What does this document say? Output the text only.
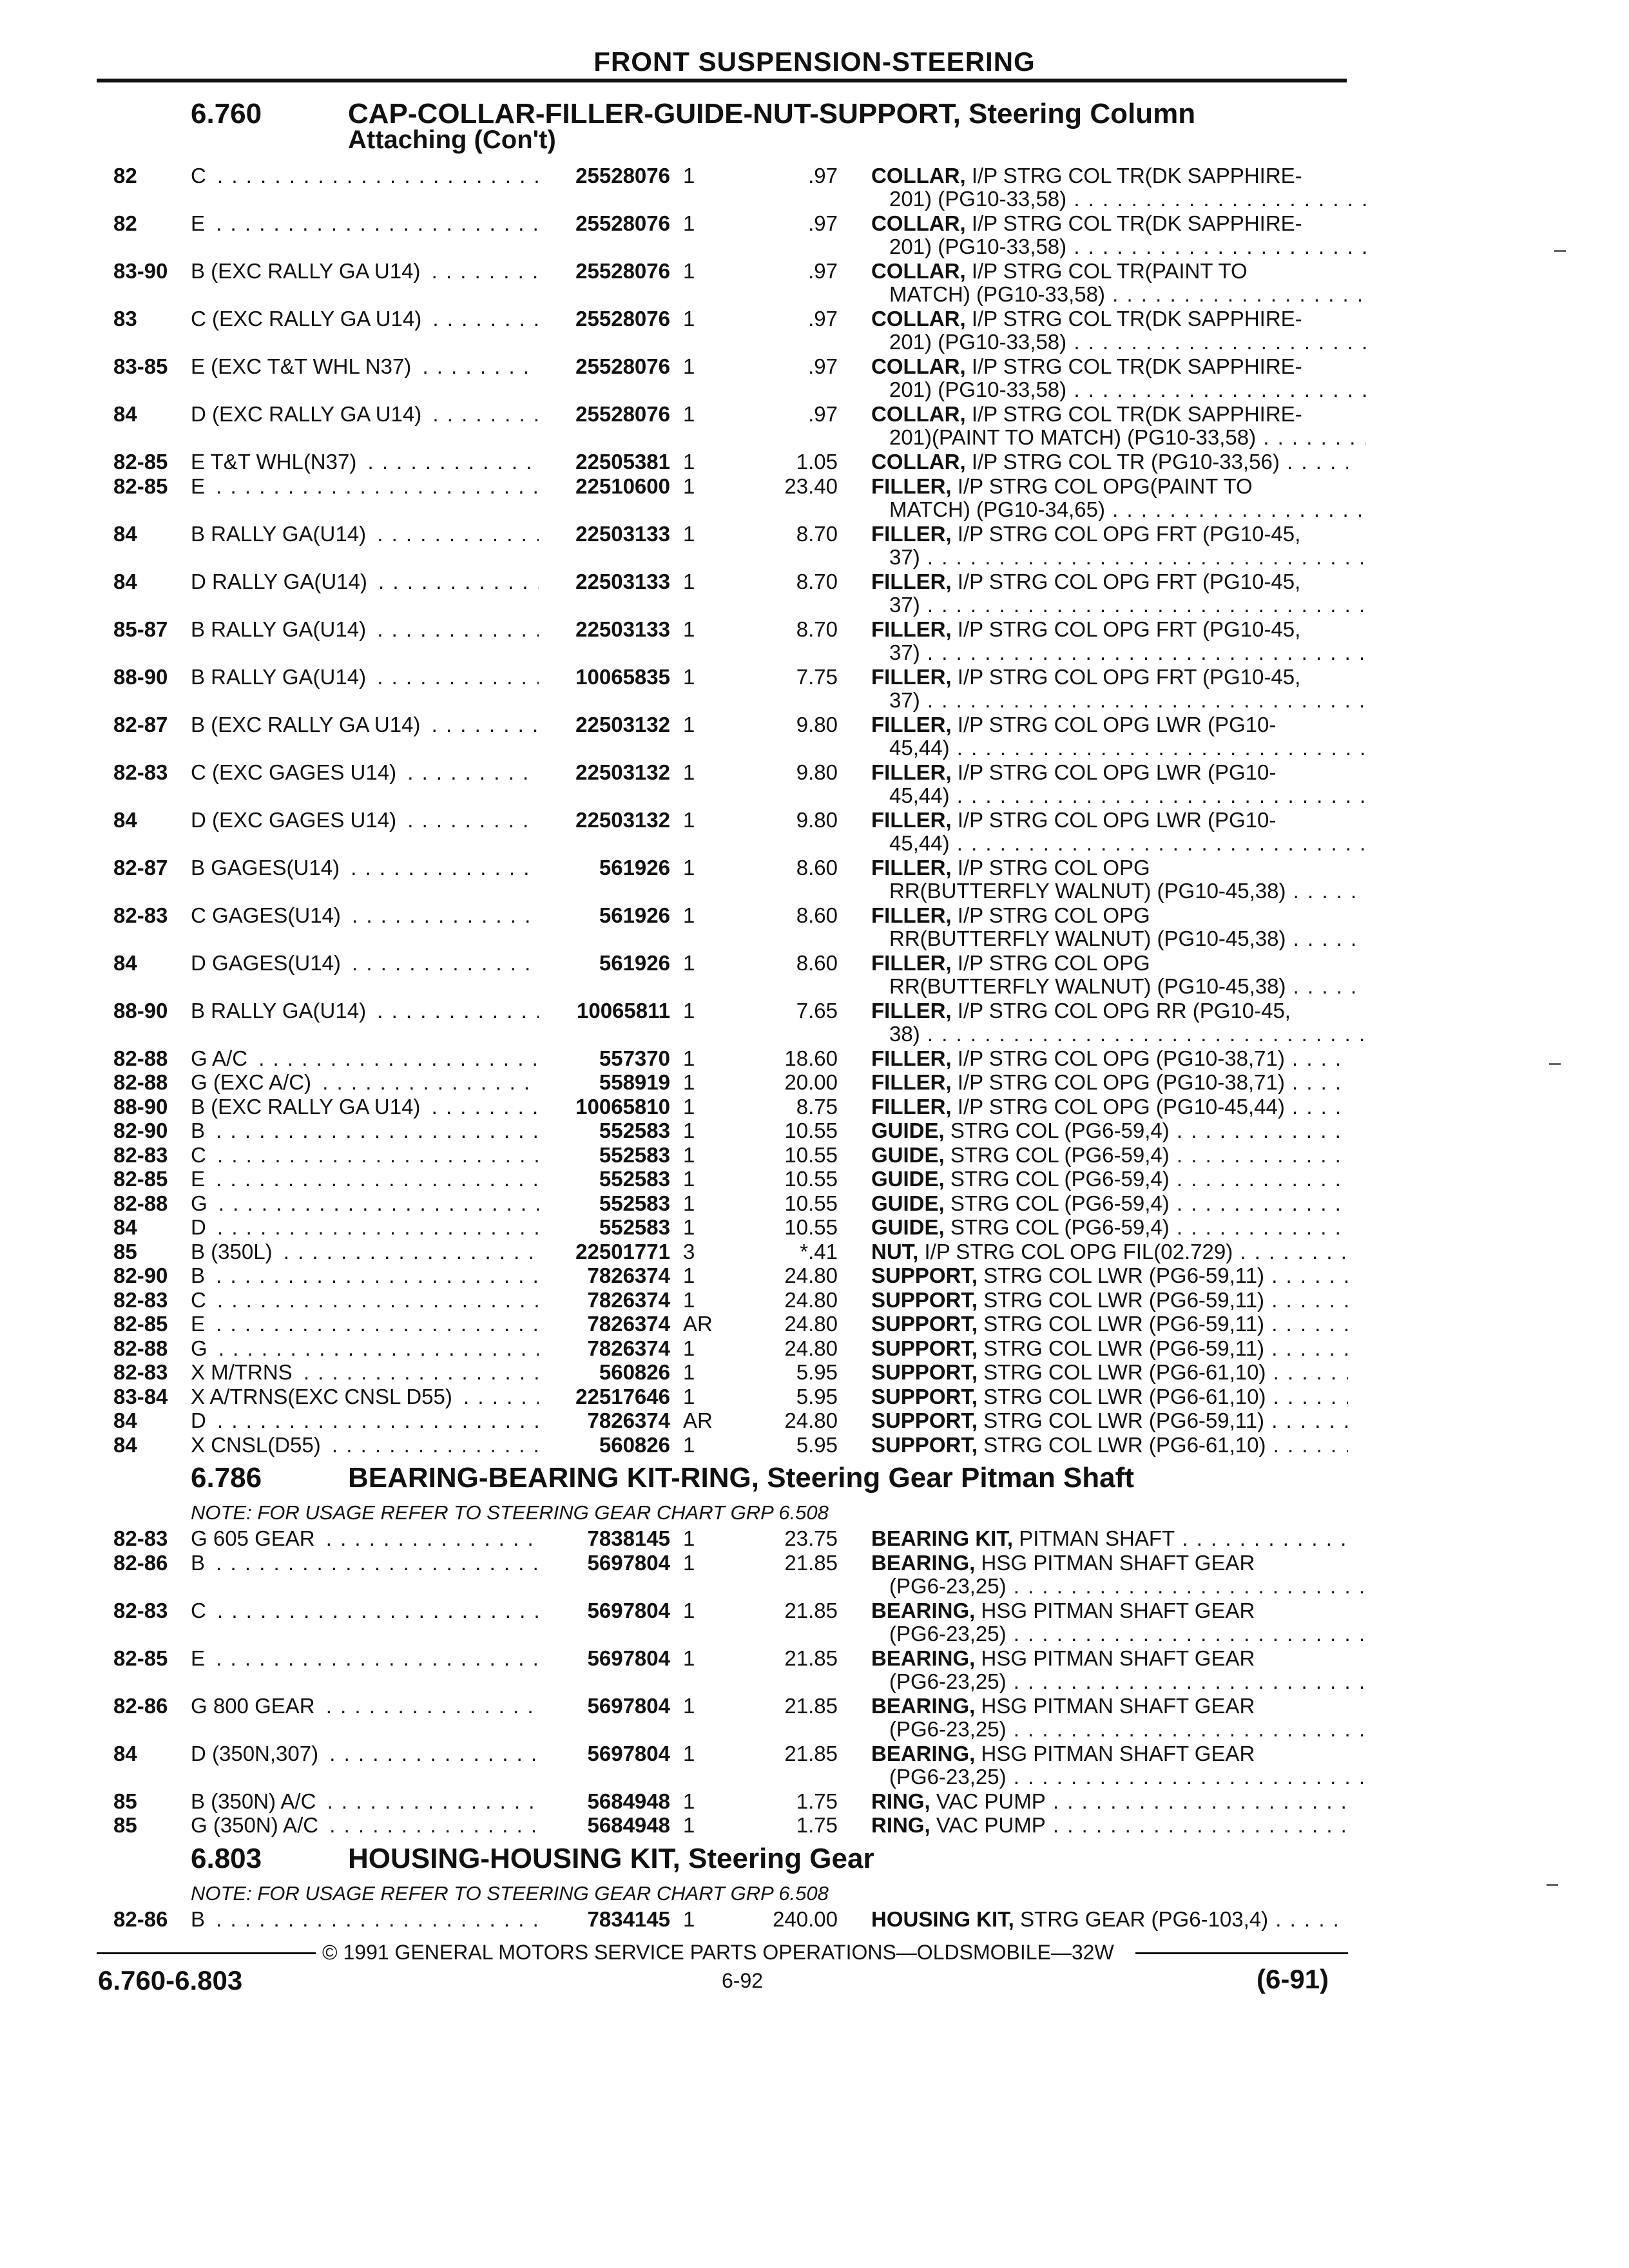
FRONT SUSPENSION-STEERING
6.760	CAP-COLLAR-FILLER-GUIDE-NUT-SUPPORT, Steering Column
Attaching (Con't)
82	C . . .	25528076 1	.97 COLLAR, I/P STRG COL TR(DK SAPPHIRE-
201) (PG10-33,58) . . .
82	E . . .	25528076 1	.97 COLLAR, I/P STRG COL TR(DK SAPPHIRE-
201) (PG10-33,58) . . .
83-90	B (EXC RALLY GA U14) . . .	25528076 1	.97 COLLAR, I/P STRG COL TR(PAINT TO
MATCH) (PG10-33,58) . . .
83	C (EXC RALLY GA U14) . . .	25528076 1	.97 COLLAR, I/P STRG COL TR(DK SAPPHIRE-
201) (PG10-33,58) . . .
83-85	E (EXC T&T WHL N37) . . .	25528076 1	.97 COLLAR, I/P STRG COL TR(DK SAPPHIRE-
201) (PG10-33,58) . . .
84	D (EXC RALLY GA U14) . . .	25528076 1	.97 COLLAR, I/P STRG COL TR(DK SAPPHIRE-
201)(PAINT TO MATCH) (PG10-33,58) . . .
82-85	E T&T WHL(N37) . . .	22505381 1	1.05 COLLAR, I/P STRG COL TR (PG10-33,56) . . .
82-85	E . . .	22510600 1	23.40 FILLER, I/P STRG COL OPG(PAINT TO
MATCH) (PG10-34,65) . . .
84	B RALLY GA(U14) . . .	22503133 1	8.70 FILLER, I/P STRG COL OPG FRT (PG10-45,
37) . . .
84	D RALLY GA(U14) . . .	22503133 1	8.70 FILLER, I/P STRG COL OPG FRT (PG10-45,
37) . . .
85-87	B RALLY GA(U14) . . .	22503133 1	8.70 FILLER, I/P STRG COL OPG FRT (PG10-45,
37) . . .
88-90	B RALLY GA(U14) . . .	10065835 1	7.75 FILLER, I/P STRG COL OPG FRT (PG10-45,
37) . . .
82-87	B (EXC RALLY GA U14) . . .	22503132 1	9.80 FILLER, I/P STRG COL OPG LWR (PG10-
45,44) . . .
82-83	C (EXC GAGES U14) . . .	22503132 1	9.80 FILLER, I/P STRG COL OPG LWR (PG10-
45,44) . . .
84	D (EXC GAGES U14) . . .	22503132 1	9.80 FILLER, I/P STRG COL OPG LWR (PG10-
45,44) . . .
82-87	B GAGES(U14) . . .	561926 1	8.60 FILLER, I/P STRG COL OPG
RR(BUTTERFLY WALNUT) (PG10-45,38) . . .
82-83	C GAGES(U14) . . .	561926 1	8.60 FILLER, I/P STRG COL OPG
RR(BUTTERFLY WALNUT) (PG10-45,38) . . .
84	D GAGES(U14) . . .	561926 1	8.60 FILLER, I/P STRG COL OPG
RR(BUTTERFLY WALNUT) (PG10-45,38) . . .
88-90	B RALLY GA(U14) . . .	10065811 1	7.65 FILLER, I/P STRG COL OPG RR (PG10-45,
38) . . .
82-88	G A/C . . .	557370 1	18.60 FILLER, I/P STRG COL OPG (PG10-38,71) . . .
82-88	G (EXC A/C) . . .	558919 1	20.00 FILLER, I/P STRG COL OPG (PG10-38,71) . . .
88-90	B (EXC RALLY GA U14) . . .	10065810 1	8.75 FILLER, I/P STRG COL OPG (PG10-45,44) . . .
82-90	B . . .	552583 1	10.55 GUIDE, STRG COL (PG6-59,4) . . .
82-83	C . . .	552583 1	10.55 GUIDE, STRG COL (PG6-59,4) . . .
82-85	E . . .	552583 1	10.55 GUIDE, STRG COL (PG6-59,4) . . .
82-88	G . . .	552583 1	10.55 GUIDE, STRG COL (PG6-59,4) . . .
84	D . . .	552583 1	10.55 GUIDE, STRG COL (PG6-59,4) . . .
85	B (350L) . . .	22501771 3	*.41 NUT, I/P STRG COL OPG FIL(02.729) . . .
82-90	B . . .	7826374 1	24.80 SUPPORT, STRG COL LWR (PG6-59,11) . . .
82-83	C . . .	7826374 1	24.80 SUPPORT, STRG COL LWR (PG6-59,11) . . .
82-85	E . . .	7826374 AR	24.80 SUPPORT, STRG COL LWR (PG6-59,11) . . .
82-88	G . . .	7826374 1	24.80 SUPPORT, STRG COL LWR (PG6-59,11) . . .
82-83	X M/TRNS . . .	560826 1	5.95 SUPPORT, STRG COL LWR (PG6-61,10) . . .
83-84	X A/TRNS(EXC CNSL D55) . . .	22517646 1	5.95 SUPPORT, STRG COL LWR (PG6-61,10) . . .
84	D . . .	7826374 AR	24.80 SUPPORT, STRG COL LWR (PG6-59,11) . . .
84	X CNSL(D55) . . .	560826 1	5.95 SUPPORT, STRG COL LWR (PG6-61,10) . . .
6.786	BEARING-BEARING KIT-RING, Steering Gear Pitman Shaft
NOTE: FOR USAGE REFER TO STEERING GEAR CHART GRP 6.508
82-83	G 605 GEAR . . .	7838145 1	23.75 BEARING KIT, PITMAN SHAFT . . .
82-86	B . . .	5697804 1	21.85 BEARING, HSG PITMAN SHAFT GEAR
(PG6-23,25) . . .
82-83	C . . .	5697804 1	21.85 BEARING, HSG PITMAN SHAFT GEAR
(PG6-23,25) . . .
82-85	E . . .	5697804 1	21.85 BEARING, HSG PITMAN SHAFT GEAR
(PG6-23,25) . . .
82-86	G 800 GEAR . . .	5697804 1	21.85 BEARING, HSG PITMAN SHAFT GEAR
(PG6-23,25) . . .
84	D (350N,307) . . .	5697804 1	21.85 BEARING, HSG PITMAN SHAFT GEAR
(PG6-23,25) . . .
85	B (350N) A/C . . .	5684948 1	1.75 RING, VAC PUMP . . .
85	G (350N) A/C . . .	5684948 1	1.75 RING, VAC PUMP . . .
6.803	HOUSING-HOUSING KIT, Steering Gear
NOTE: FOR USAGE REFER TO STEERING GEAR CHART GRP 6.508
82-86	B . . .	7834145 1	240.00 HOUSING KIT, STRG GEAR (PG6-103,4) . . .
© 1991 GENERAL MOTORS SERVICE PARTS OPERATIONS—OLDSMOBILE—32W
6.760-6.803	6-92	(6-91)
